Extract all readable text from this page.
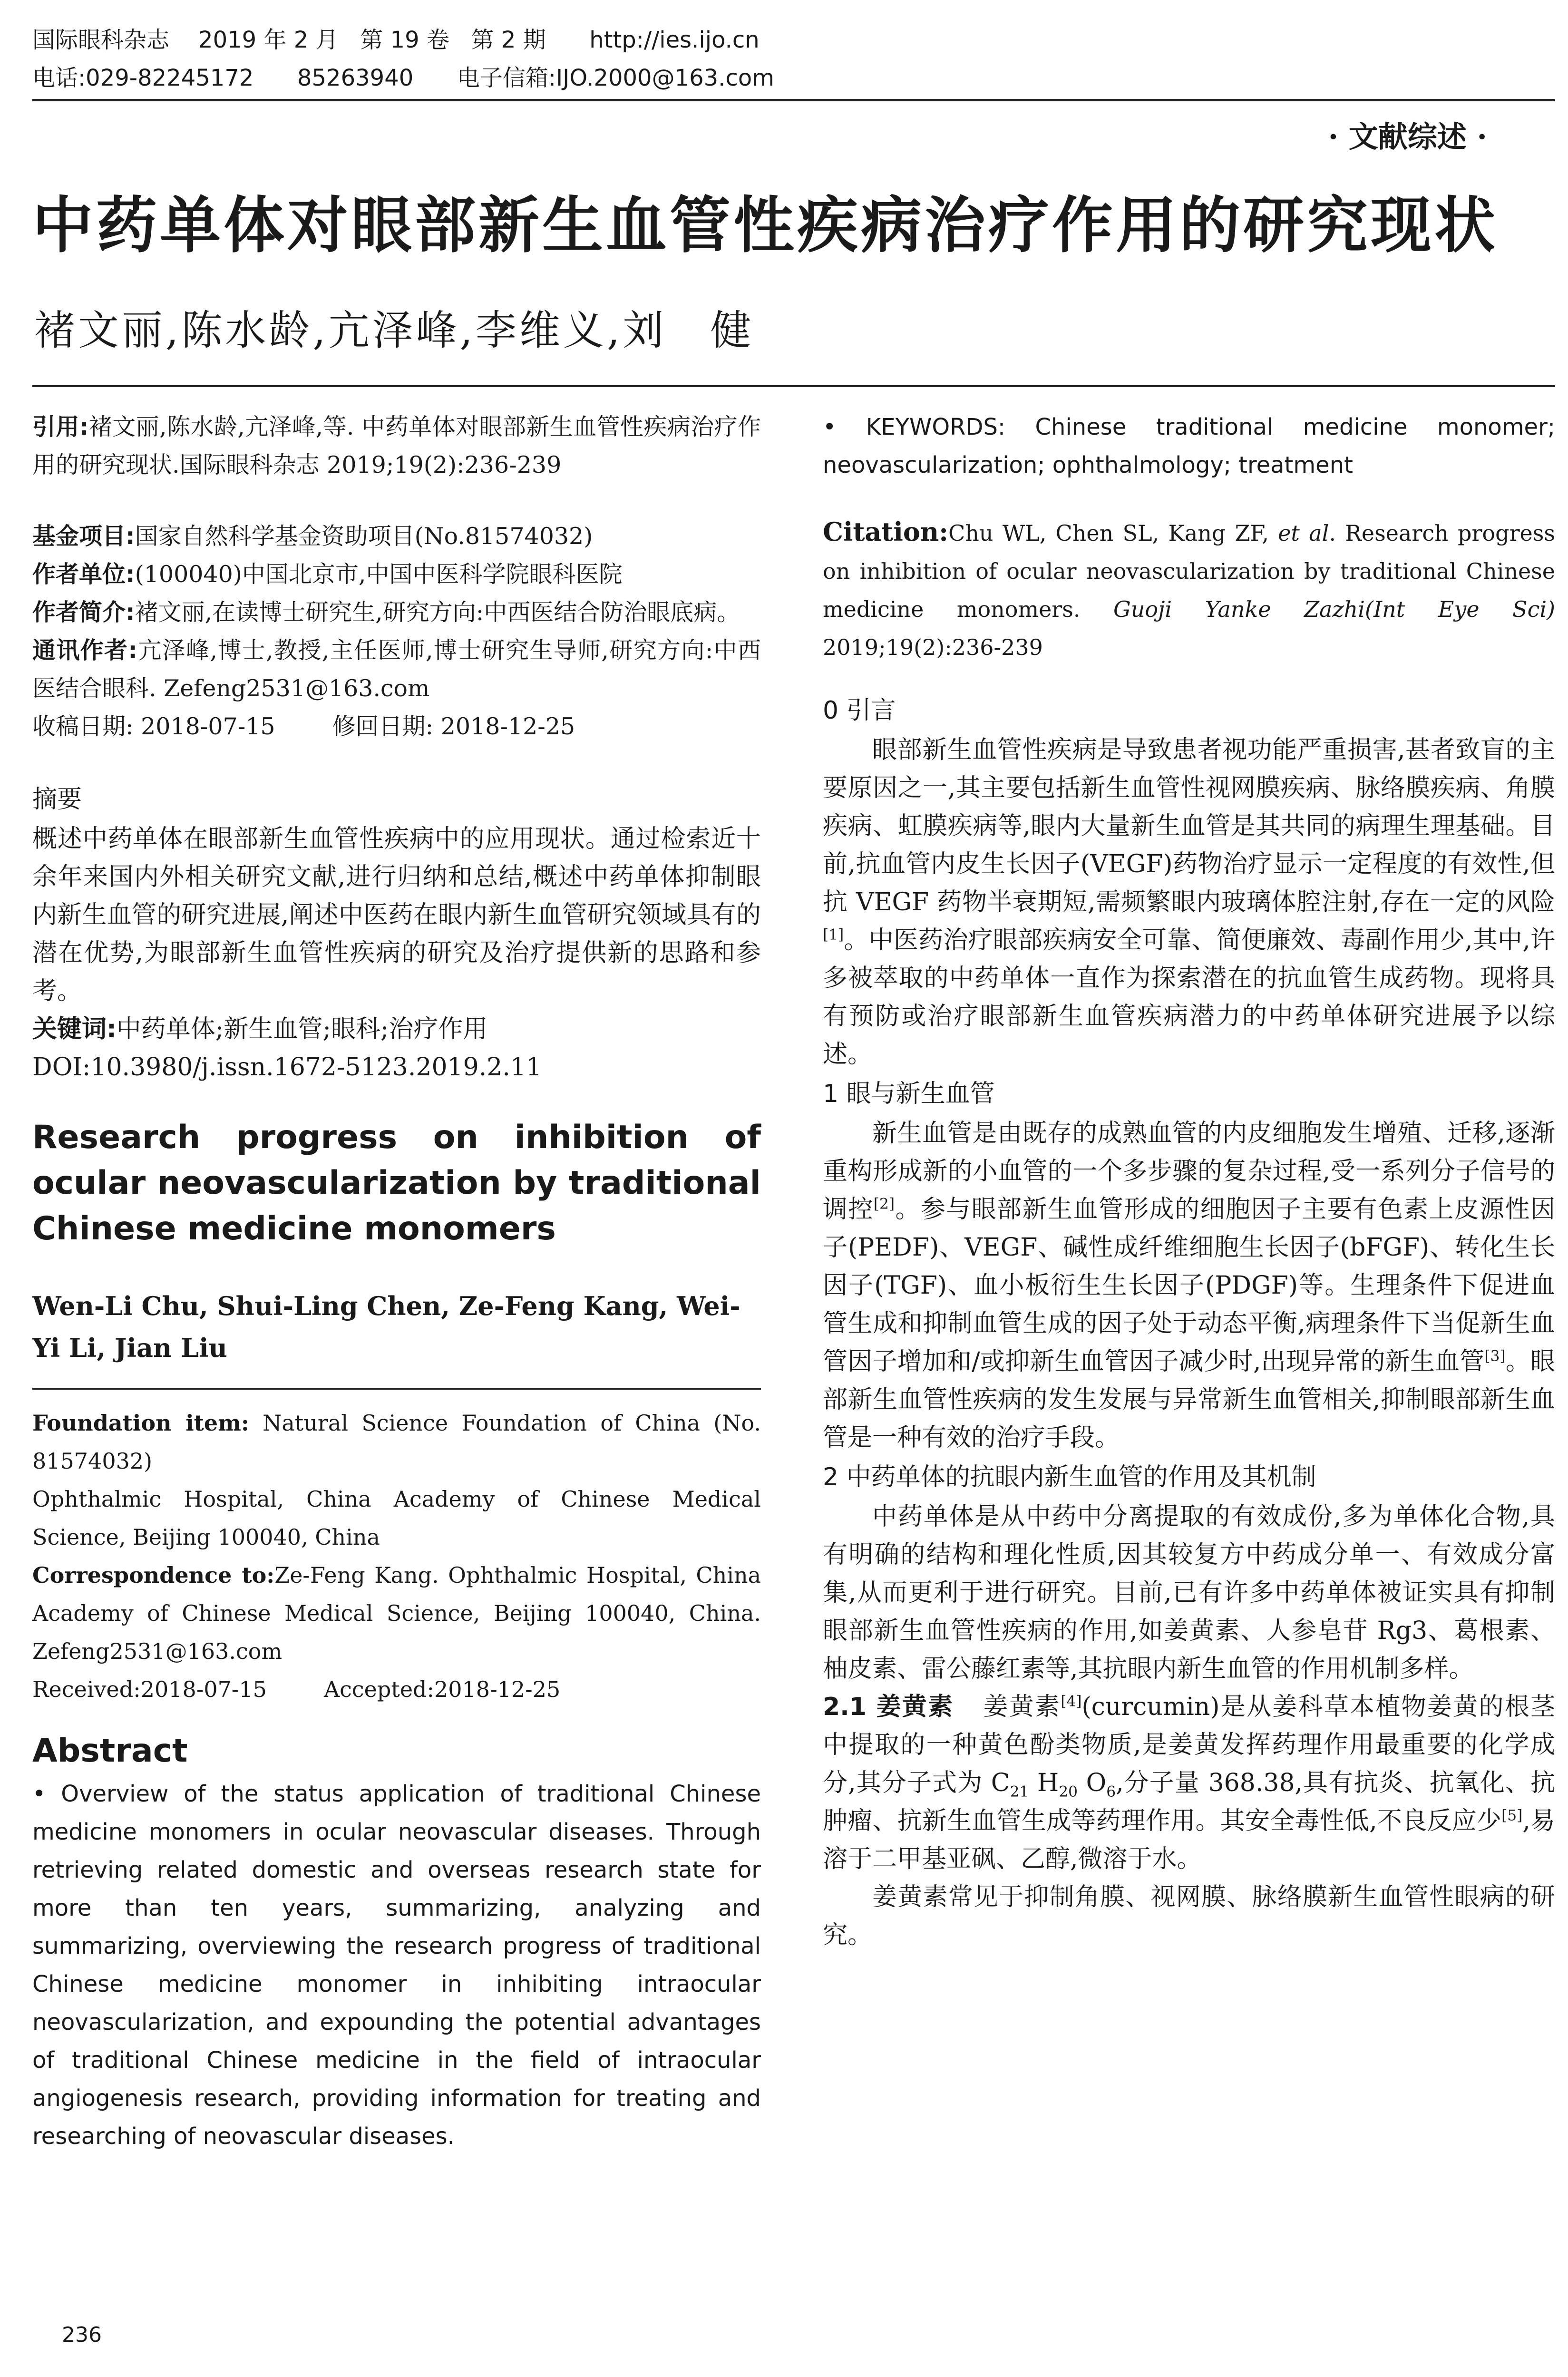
国际眼科杂志    2019 年 2 月   第 19 卷   第 2 期      http://ies.ijo.cn
电话:029-82245172      85263940      电子信箱:IJO.2000@163.com
· 文献综述 ·
中药单体对眼部新生血管性疾病治疗作用的研究现状
褚文丽,陈水龄,亢泽峰,李维义,刘　健

引用:褚文丽,陈水龄,亢泽峰,等. 中药单体对眼部新生血管性疾病治疗作用的研究现状.国际眼科杂志 2019;19(2):236-239

基金项目:国家自然科学基金资助项目(No.81574032)

作者单位:(100040)中国北京市,中国中医科学院眼科医院

作者简介:褚文丽,在读博士研究生,研究方向:中西医结合防治眼底病。

通讯作者:亢泽峰,博士,教授,主任医师,博士研究生导师,研究方向:中西医结合眼科. Zefeng2531@163.com

收稿日期: 2018-07-15 修回日期: 2018-12-25

摘要

概述中药单体在眼部新生血管性疾病中的应用现状。通过检索近十余年来国内外相关研究文献,进行归纳和总结,概述中药单体抑制眼内新生血管的研究进展,阐述中医药在眼内新生血管研究领域具有的潜在优势,为眼部新生血管性疾病的研究及治疗提供新的思路和参考。

关键词:中药单体;新生血管;眼科;治疗作用

DOI:10.3980/j.issn.1672-5123.2019.2.11

Research progress on inhibition of ocular neovascularization by traditional Chinese medicine monomers

Wen-Li Chu, Shui-Ling Chen, Ze-Feng Kang, Wei-Yi Li, Jian Liu

Foundation item: Natural Science Foundation of China (No. 81574032)

Ophthalmic Hospital, China Academy of Chinese Medical Science, Beijing 100040, China

Correspondence to:Ze-Feng Kang. Ophthalmic Hospital, China Academy of Chinese Medical Science, Beijing 100040, China. Zefeng2531@163.com

Received:2018-07-15	Accepted:2018-12-25

Abstract

• Overview of the status application of traditional Chinese medicine monomers in ocular neovascular diseases. Through retrieving related domestic and overseas research state for more than ten years, summarizing, analyzing and summarizing, overviewing the research progress of traditional Chinese medicine monomer in inhibiting intraocular neovascularization, and expounding the potential advantages of traditional Chinese medicine in the field of intraocular angiogenesis research, providing information for treating and researching of neovascular diseases.

• KEYWORDS: Chinese traditional medicine monomer; neovascularization; ophthalmology; treatment

Citation:Chu WL, Chen SL, Kang ZF, et al. Research progress on inhibition of ocular neovascularization by traditional Chinese medicine monomers. Guoji Yanke Zazhi(Int Eye Sci) 2019;19(2):236-239

0 引言

眼部新生血管性疾病是导致患者视功能严重损害,甚者致盲的主要原因之一,其主要包括新生血管性视网膜疾病、脉络膜疾病、角膜疾病、虹膜疾病等,眼内大量新生血管是其共同的病理生理基础。目前,抗血管内皮生长因子(VEGF)药物治疗显示一定程度的有效性,但抗 VEGF 药物半衰期短,需频繁眼内玻璃体腔注射,存在一定的风险[1]。中医药治疗眼部疾病安全可靠、简便廉效、毒副作用少,其中,许多被萃取的中药单体一直作为探索潜在的抗血管生成药物。现将具有预防或治疗眼部新生血管疾病潜力的中药单体研究进展予以综述。

1 眼与新生血管

新生血管是由既存的成熟血管的内皮细胞发生增殖、迁移,逐渐重构形成新的小血管的一个多步骤的复杂过程,受一系列分子信号的调控[2]。参与眼部新生血管形成的细胞因子主要有色素上皮源性因子(PEDF)、VEGF、碱性成纤维细胞生长因子(bFGF)、转化生长因子(TGF)、血小板衍生生长因子(PDGF)等。生理条件下促进血管生成和抑制血管生成的因子处于动态平衡,病理条件下当促新生血管因子增加和/或抑新生血管因子减少时,出现异常的新生血管[3]。眼部新生血管性疾病的发生发展与异常新生血管相关,抑制眼部新生血管是一种有效的治疗手段。

2 中药单体的抗眼内新生血管的作用及其机制

中药单体是从中药中分离提取的有效成份,多为单体化合物,具有明确的结构和理化性质,因其较复方中药成分单一、有效成分富集,从而更利于进行研究。目前,已有许多中药单体被证实具有抑制眼部新生血管性疾病的作用,如姜黄素、人参皂苷 Rg3、葛根素、柚皮素、雷公藤红素等,其抗眼内新生血管的作用机制多样。

2.1 姜黄素 姜黄素[4](curcumin)是从姜科草本植物姜黄的根茎中提取的一种黄色酚类物质,是姜黄发挥药理作用最重要的化学成分,其分子式为 $C_{21}$ $H_{20}$ $O_6$,分子量 368.38,具有抗炎、抗氧化、抗肿瘤、抗新生血管生成等药理作用。其安全毒性低,不良反应少[5],易溶于二甲基亚砜、乙醇,微溶于水。

姜黄素常见于抑制角膜、视网膜、脉络膜新生血管性眼病的研究。

236
